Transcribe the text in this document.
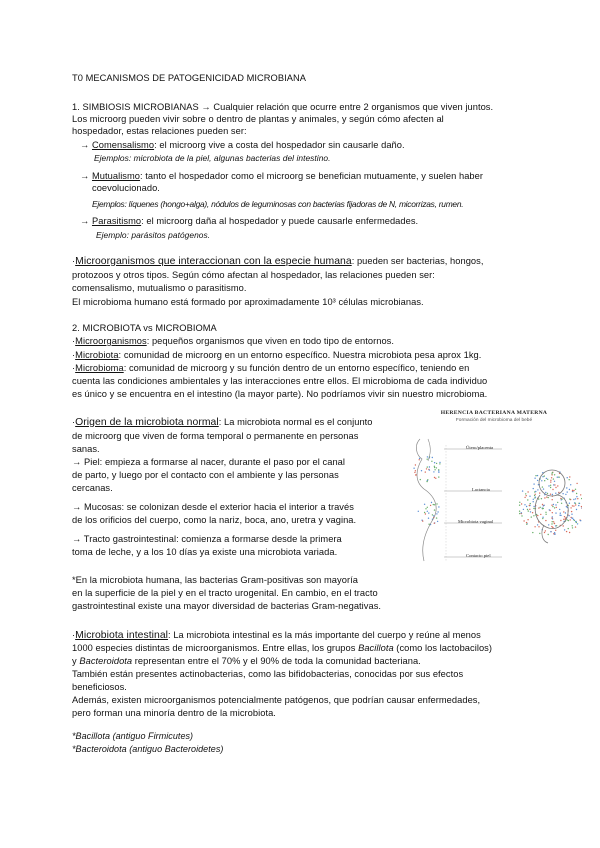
T0 MECANISMOS DE PATOGENICIDAD MICROBIANA
1. SIMBIOSIS MICROBIANAS → Cualquier relación que ocurre entre 2 organismos que viven juntos.
Los microorg pueden vivir sobre o dentro de plantas y animales, y según cómo afecten al
hospedador, estas relaciones pueden ser:
→ Comensalismo: el microorg vive a costa del hospedador sin causarle daño.
Ejemplos: microbiota de la piel, algunas bacterias del intestino.
→ Mutualismo: tanto el hospedador como el microorg se benefician mutuamente, y suelen haber
coevolucionado.
Ejemplos: líquenes (hongo+alga), nódulos de leguminosas con bacterias fijadoras de N, micorrizas, rumen.
→ Parasitismo: el microorg daña al hospedador y puede causarle enfermedades.
Ejemplo: parásitos patógenos.
·Microorganismos que interaccionan con la especie humana: pueden ser bacterias, hongos,
protozoos y otros tipos. Según cómo afectan al hospedador, las relaciones pueden ser:
comensalismo, mutualismo o parasitismo.
El microbioma humano está formado por aproximadamente 10³ células microbianas.
2. MICROBIOTA vs MICROBIOMA
·Microorganismos: pequeños organismos que viven en todo tipo de entornos.
·Microbiota: comunidad de microorg en un entorno específico. Nuestra microbiota pesa aprox 1kg.
·Microbioma: comunidad de microorg y su función dentro de un entorno específico, teniendo en
cuenta las condiciones ambientales y las interacciones entre ellos. El microbioma de cada individuo
es único y se encuentra en el intestino (la mayor parte). No podríamos vivir sin nuestro microbioma.
·Origen de la microbiota normal: La microbiota normal es el conjunto
de microorg que viven de forma temporal o permanente en personas
sanas.
→ Piel: empieza a formarse al nacer, durante el paso por el canal
de parto, y luego por el contacto con el ambiente y las personas
cercanas.
→ Mucosas: se colonizan desde el exterior hacia el interior a través
de los orificios del cuerpo, como la nariz, boca, ano, uretra y vagina.
→ Tracto gastrointestinal: comienza a formarse desde la primera
toma de leche, y a los 10 días ya existe una microbiota variada.
*En la microbiota humana, las bacterias Gram-positivas son mayoría
en la superficie de la piel y en el tracto urogenital. En cambio, en el tracto
gastrointestinal existe una mayor diversidad de bacterias Gram-negativas.
HERENCIA BACTERIANA MATERNA
Formación del microbioma del bebé
Útero/placenta
Lactancia
Microbiota vaginal
Contacto piel
·Microbiota intestinal: La microbiota intestinal es la más importante del cuerpo y reúne al menos
1000 especies distintas de microorganismos. Entre ellas, los grupos Bacillota (como los lactobacilos)
y Bacteroidota representan entre el 70% y el 90% de toda la comunidad bacteriana.
También están presentes actinobacterias, como las bifidobacterias, conocidas por sus efectos
beneficiosos.
Además, existen microorganismos potencialmente patógenos, que podrían causar enfermedades,
pero forman una minoría dentro de la microbiota.
*Bacillota (antiguo Firmicutes)
*Bacteroidota (antiguo Bacteroidetes)
